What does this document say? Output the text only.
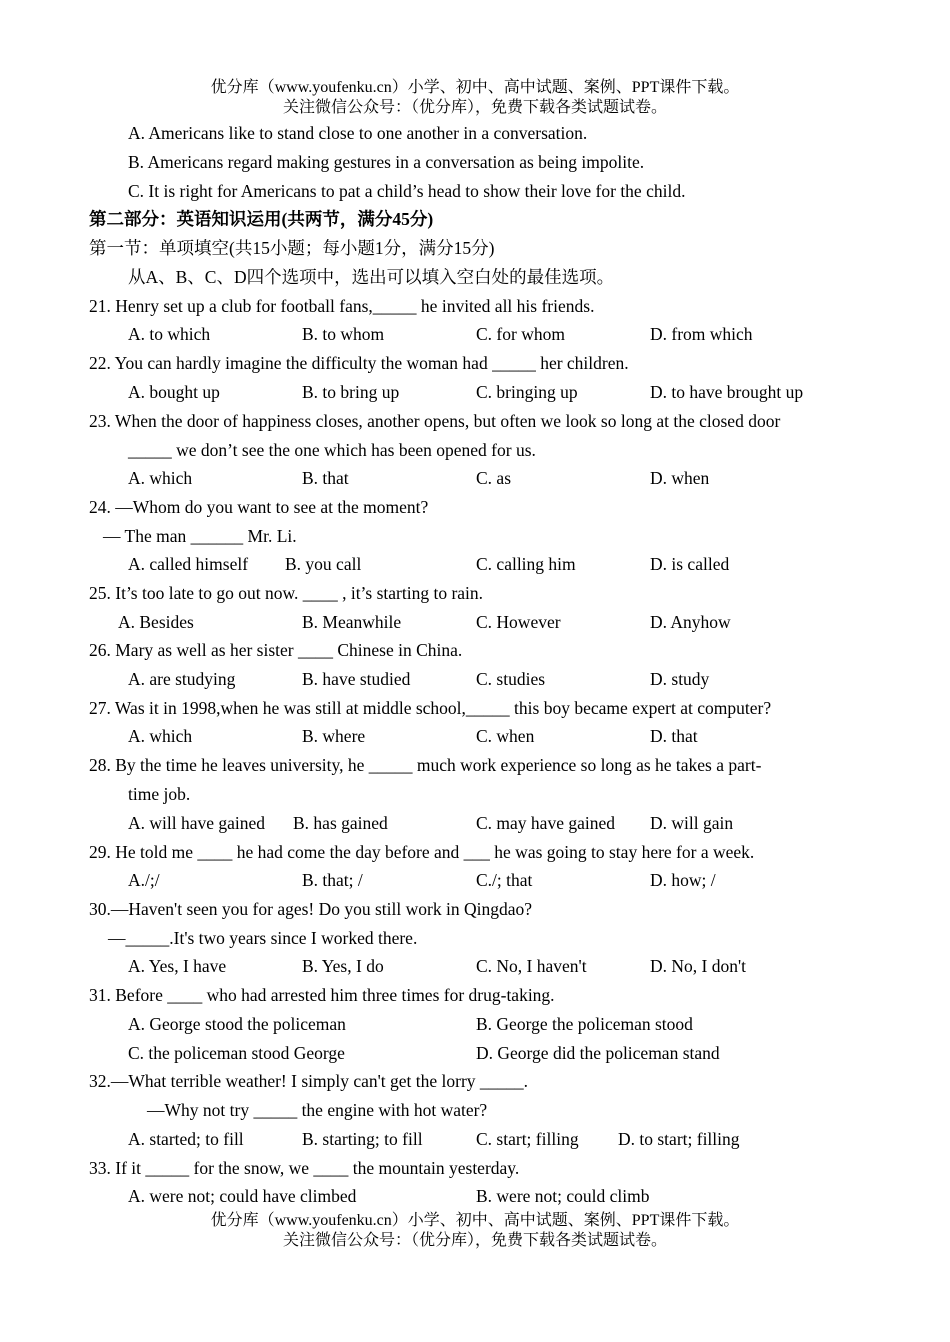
优分库（www.youfenku.cn）小学、初中、高中试题、案例、PPT课件下载。
关注微信公众号：（优分库），免费下载各类试题试卷。
A. Americans like to stand close to one another in a conversation.
B. Americans regard making gestures in a conversation as being impolite.
C. It is right for Americans to pat a child’s head to show their love for the child.
第二部分：英语知识运用(共两节，满分45分)
第一节：单项填空(共15小题；每小题1分，满分15分)
从A、B、C、D四个选项中，选出可以填入空白处的最佳选项。
21. Henry set up a club for football fans,_____ he invited all his friends.
A. to which	B. to whom	C. for whom	D. from which
22. You can hardly imagine the difficulty the woman had _____ her children.
A. bought up	B. to bring up	C. bringing up	D. to have brought up
23. When the door of happiness closes, another opens, but often we look so long at the closed door
_____ we don’t see the one which has been opened for us.
A. which	B. that	C. as	D. when
24. —Whom do you want to see at the moment?
— The man ______ Mr. Li.
A. called himself B. you call	C. calling him	D. is called
25. It’s too late to go out now. ____ , it’s starting to rain.
A. Besides	B. Meanwhile	C. However	D. Anyhow
26. Mary as well as her sister ____ Chinese in China.
A. are studying	B. have studied	C. studies	D. study
27. Was it in 1998,when he was still at middle school,_____ this boy became expert at computer?
A. which	B. where	C. when	D. that
28. By the time he leaves university, he _____ much work experience so long as he takes a part-
time job.
A. will have gained B. has gained	C. may have gained D. will gain
29. He told me ____ he had come the day before and ___ he was going to stay here for a week.
A./;/	B. that; /	C./; that	D. how; /
30.—Haven't seen you for ages! Do you still work in Qingdao?
—_____.It's two years since I worked there.
A. Yes, I have	B. Yes, I do	C. No, I haven't	D. No, I don't
31. Before ____ who had arrested him three times for drug-taking.
A. George stood the policeman	B. George the policeman stood
C. the policeman stood George	D. George did the policeman stand
32.—What terrible weather! I simply can't get the lorry _____.
—Why not try _____ the engine with hot water?
A. started; to fill	B. starting; to fill	C. start; filling D. to start; filling
33. If it _____ for the snow, we ____ the mountain yesterday.
A. were not; could have climbed	B. were not; could climb
优分库（www.youfenku.cn）小学、初中、高中试题、案例、PPT课件下载。
关注微信公众号：（优分库），免费下载各类试题试卷。
